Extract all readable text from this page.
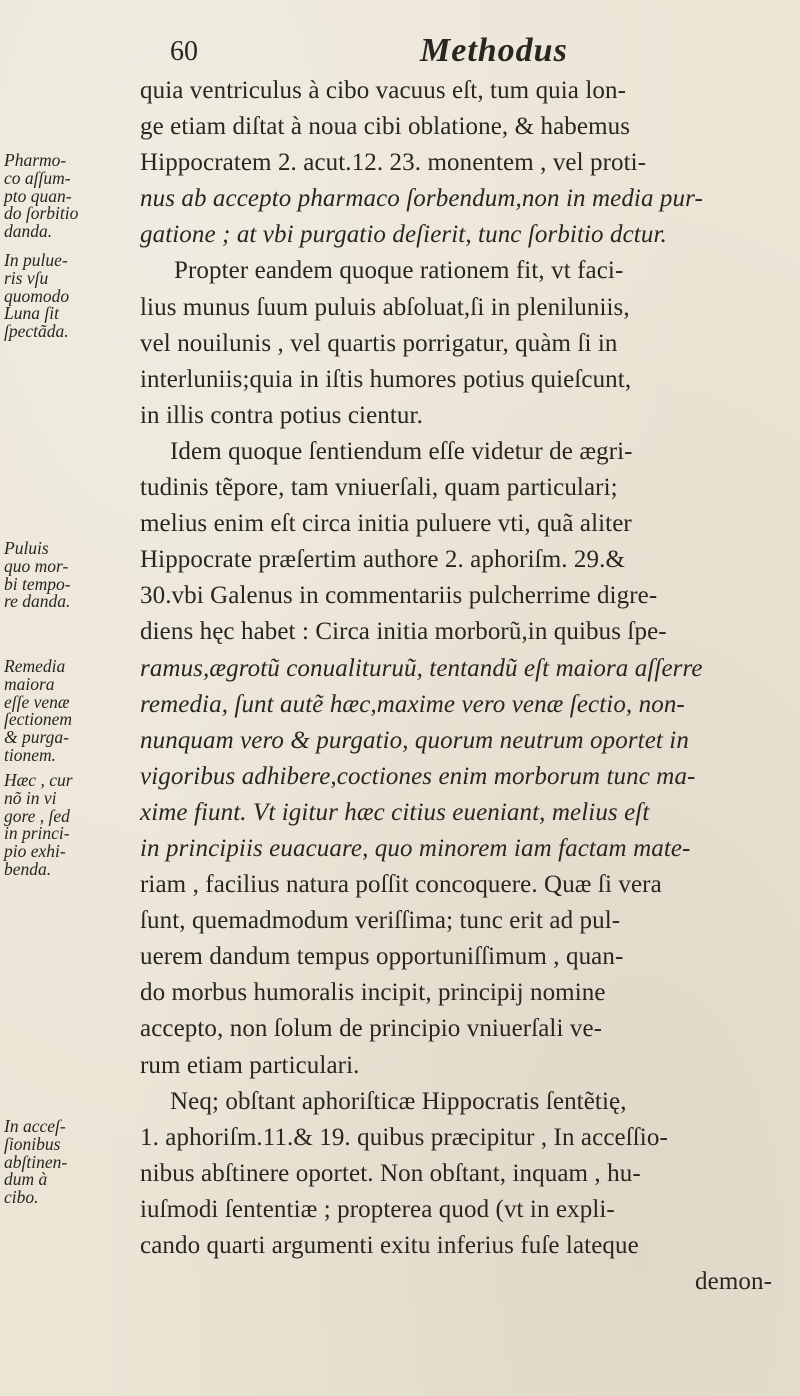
60	Methodus
quia ventriculus à cibo vacuus eſt, tum quia lon-
ge etiam diſtat à noua cibi oblatione, & habemus
Hippocratem 2. acut.12. 23. monentem , vel proti-
nus ab accepto pharmaco ſorbendum,non in media pur-
gatione ; at vbi purgatio deſierit, tunc ſorbitio dctur.
Propter eandem quoque rationem fit, vt faci-
lius munus ſuum puluis abſoluat,ſi in pleniluniis,
vel nouilunis , vel quartis porrigatur, quàm ſi in
interluniis;quia in iſtis humores potius quieſcunt,
in illis contra potius cientur.
Idem quoque ſentiendum eſſe videtur de ægri-
tudinis tẽpore, tam vniuerſali, quam particulari;
melius enim eſt circa initia puluere vti, quã aliter
Hippocrate præſertim authore 2. aphoriſm. 29.&
30.vbi Galenus in commentariis pulcherrime digre-
diens hęc habet : Circa initia morborũ,in quibus ſpe-
ramus,ægrotũ conualituruũ, tentandũ eſt maiora aſſerre
remedia, ſunt autẽ hæc,maxime vero venæ ſectio, non-
nunquam vero & purgatio, quorum neutrum oportet in
vigoribus adhibere,coctiones enim morborum tunc ma-
xime fiunt. Vt igitur hæc citius eueniant, melius eſt
in principiis euacuare, quo minorem iam factam mate-
riam , facilius natura poſſit concoquere. Quæ ſi vera
ſunt, quemadmodum veriſſima; tunc erit ad pul-
uerem dandum tempus opportuniſſimum , quan-
do morbus humoralis incipit, principij nomine
accepto, non ſolum de principio vniuerſali ve-
rum etiam particulari.
Neq; obſtant aphoriſticæ Hippocratis ſentẽtię,
1. aphoriſm.11.& 19. quibus præcipitur , In acceſſio-
nibus abſtinere oportet. Non obſtant, inquam , hu-
iuſmodi ſententiæ ; propterea quod (vt in expli-
cando quarti argumenti exitu inferius fuſe lateque
demon-
Pharmo-
co aſſum-
pto quan-
do ſorbitio
danda.
In pulue-
ris vſu
quomodo
Luna ſit
ſpectãda.
Puluis
quo mor-
bi tempo-
re danda.
Remedia
maiora
eſſe venæ
ſectionem
& purga-
tionem.
Hæc , cur
nõ in vi
gore , ſed
in princi-
pio exhi-
benda.
In acceſ-
ſionibus
abſtinen-
dum à
cibo.
